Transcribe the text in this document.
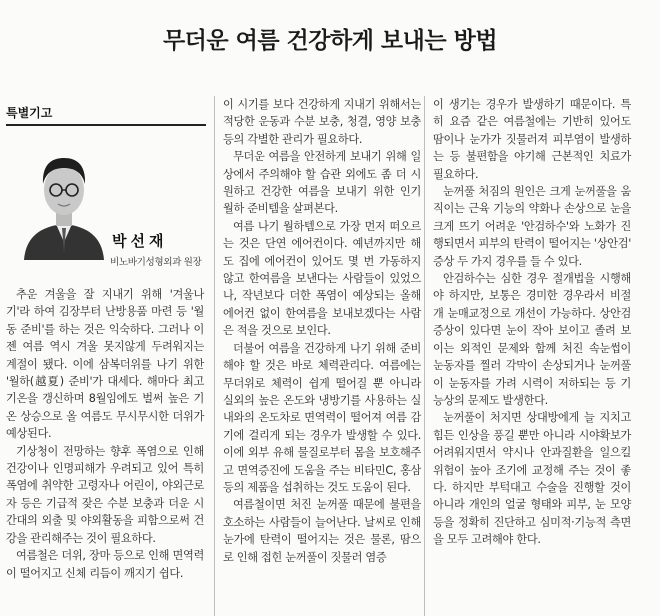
무더운 여름 건강하게 보내는 방법
특별기고
박선재
비노바기성형외과 원장

추운 겨울을 잘 지내기 위해 '겨울나기'라 하여 김장부터 난방용품 마련 등 '월동 준비'를 하는 것은 익숙하다. 그러나 이젠 여름 역시 겨울 못지않게 두려워지는 계절이 됐다. 이에 삼복더위를 나기 위한 '월하(越夏) 준비'가 대세다. 해마다 최고 기온을 갱신하며 8월임에도 벌써 높은 기온 상승으로 올 여름도 무시무시한 더위가 예상된다.

기상청이 전망하는 향후 폭염으로 인해 건강이나 인명피해가 우려되고 있어 특히 폭염에 취약한 고령자나 어린이, 야외근로자 등은 기급적 잦은 수분 보충과 더운 시간대의 외출 및 야외활동을 피함으로써 건강을 관리해주는 것이 필요하다.

여름철은 더위, 장마 등으로 인해 면역력이 떨어지고 신체 리듬이 깨지기 쉽다.

이 시기를 보다 건강하게 지내기 위해서는 적당한 운동과 수분 보충, 청결, 영양 보충 등의 각별한 관리가 필요하다.

무더운 여름을 안전하게 보내기 위해 일상에서 주의해야 할 습관 외에도 좀 더 시원하고 건강한 여름을 보내기 위한 인기 월하 준비템을 살펴본다.

여름 나기 월하템으로 가장 먼저 떠오르는 것은 단연 에어컨이다. 예년까지만 해도 집에 에어컨이 있어도 몇 번 가동하지 않고 한여름을 보낸다는 사람들이 있었으나, 작년보다 더한 폭염이 예상되는 올해 에어컨 없이 한여름을 보내보겠다는 사람은 적을 것으로 보인다.

더불어 여름을 건강하게 나기 위해 준비해야 할 것은 바로 체력관리다. 여름에는 무더위로 체력이 쉽게 떨어질 뿐 아니라 실외의 높은 온도와 냉방기를 사용하는 실내와의 온도차로 면역력이 떨어져 여름 감기에 걸리게 되는 경우가 발생할 수 있다. 이에 외부 유해 물질로부터 몸을 보호해주고 면역증진에 도움을 주는 비타민C, 홍삼 등의 제품을 섭취하는 것도 도움이 된다.

여름철이면 처진 눈꺼풀 때문에 불편을 호소하는 사람들이 늘어난다. 날씨로 인해 눈가에 탄력이 떨어지는 것은 물론, 땀으로 인해 접힌 눈꺼풀이 짓물러 염증

이 생기는 경우가 발생하기 때문이다. 특히 요즘 같은 여름철에는 기반히 있어도 땀이나 눈가가 짓물러져 피부염이 발생하는 등 불편함을 야기해 근본적인 치료가 필요하다.

눈꺼풀 처짐의 원인은 크게 눈꺼풀을 움직이는 근육 기능의 약화나 손상으로 눈을 크게 뜨기 어려운 '안검하수'와 노화가 진행되면서 피부의 탄력이 떨어지는 '상안검' 증상 두 가지 경우를 들 수 있다.

안검하수는 심한 경우 절개법을 시행해야 하지만, 보통은 경미한 경우라서 비절개 눈매교정으로 개선이 가능하다. 상안검 증상이 있다면 눈이 작아 보이고 졸려 보이는 외적인 문제와 함께 처진 속눈썹이 눈동자를 찔러 각막이 손상되거나 눈꺼풀이 눈동자를 가려 시력이 저하되는 등 기능상의 문제도 발생한다.

눈꺼풀이 처지면 상대방에게 늘 지치고 힘든 인상을 풍길 뿐만 아니라 시야확보가 어려워지면서 약시나 안과질환을 일으킬 위험이 높아 조기에 교정해 주는 것이 좋다. 하지만 부턱대고 수술을 진행할 것이 아니라 개인의 얼굴 형태와 피부, 눈 모양 등을 정확히 진단하고 심미적·기능적 측면을 모두 고려해야 한다.
